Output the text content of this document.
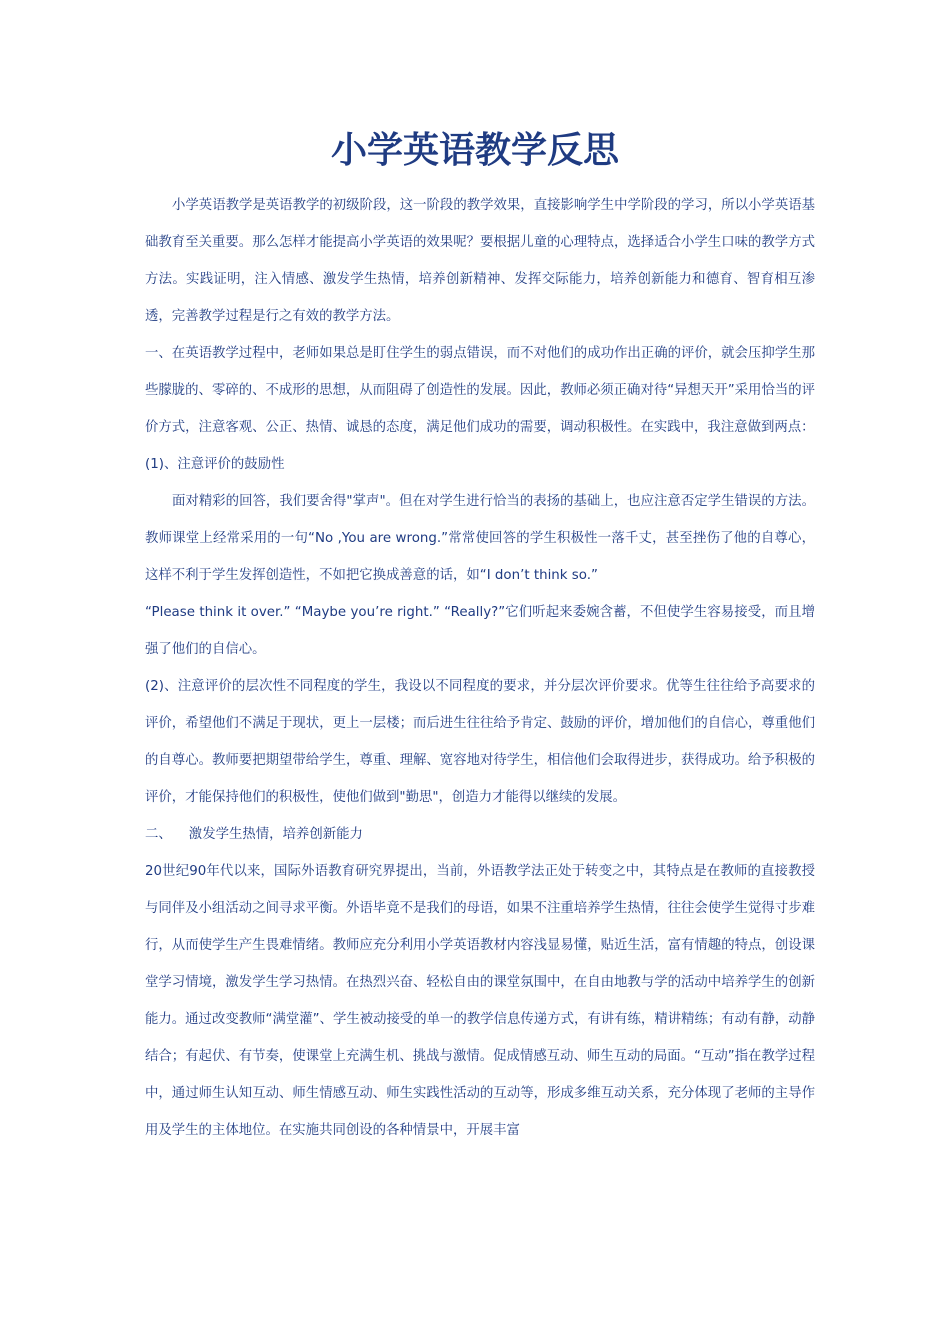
小学英语教学反思

小学英语教学是英语教学的初级阶段，这一阶段的教学效果，直接影响学生中学阶段的学习，所以小学英语基础教育至关重要。那么怎样才能提高小学英语的效果呢？要根据儿童的心理特点，选择适合小学生口味的教学方式方法。实践证明，注入情感、激发学生热情，培养创新精神、发挥交际能力，培养创新能力和德育、智育相互渗透，完善教学过程是行之有效的教学方法。

一、在英语教学过程中，老师如果总是盯住学生的弱点错误，而不对他们的成功作出正确的评价，就会压抑学生那些朦胧的、零碎的、不成形的思想，从而阻碍了创造性的发展。因此，教师必须正确对待“异想天开”采用恰当的评价方式，注意客观、公正、热情、诚恳的态度，满足他们成功的需要，调动积极性。在实践中，我注意做到两点：

(1)、注意评价的鼓励性

面对精彩的回答，我们要舍得"掌声"。但在对学生进行恰当的表扬的基础上，也应注意否定学生错误的方法。教师课堂上经常采用的一句“No ,You are wrong.”常常使回答的学生积极性一落千丈，甚至挫伤了他的自尊心，这样不利于学生发挥创造性，不如把它换成善意的话，如“I don’t think so.”

“Please think it over.” “Maybe you’re right.” “Really?”它们听起来委婉含蓄，不但使学生容易接受，而且增强了他们的自信心。

(2)、注意评价的层次性不同程度的学生，我设以不同程度的要求，并分层次评价要求。优等生往往给予高要求的评价，希望他们不满足于现状，更上一层楼；而后进生往往给予肯定、鼓励的评价，增加他们的自信心，尊重他们的自尊心。教师要把期望带给学生，尊重、理解、宽容地对待学生，相信他们会取得进步，获得成功。给予积极的评价，才能保持他们的积极性，使他们做到"勤思"，创造力才能得以继续的发展。

二、    激发学生热情，培养创新能力

20世纪90年代以来，国际外语教育研究界提出，当前，外语教学法正处于转变之中，其特点是在教师的直接教授与同伴及小组活动之间寻求平衡。外语毕竟不是我们的母语，如果不注重培养学生热情，往往会使学生觉得寸步难行，从而使学生产生畏难情绪。教师应充分利用小学英语教材内容浅显易懂，贴近生活，富有情趣的特点，创设课堂学习情境，激发学生学习热情。在热烈兴奋、轻松自由的课堂氛围中，在自由地教与学的活动中培养学生的创新能力。通过改变教师“满堂灌”、学生被动接受的单一的教学信息传递方式，有讲有练，精讲精练；有动有静，动静结合；有起伏、有节奏，使课堂上充满生机、挑战与激情。促成情感互动、师生互动的局面。“互动”指在教学过程中，通过师生认知互动、师生情感互动、师生实践性活动的互动等，形成多维互动关系，充分体现了老师的主导作用及学生的主体地位。在实施共同创设的各种情景中，开展丰富
